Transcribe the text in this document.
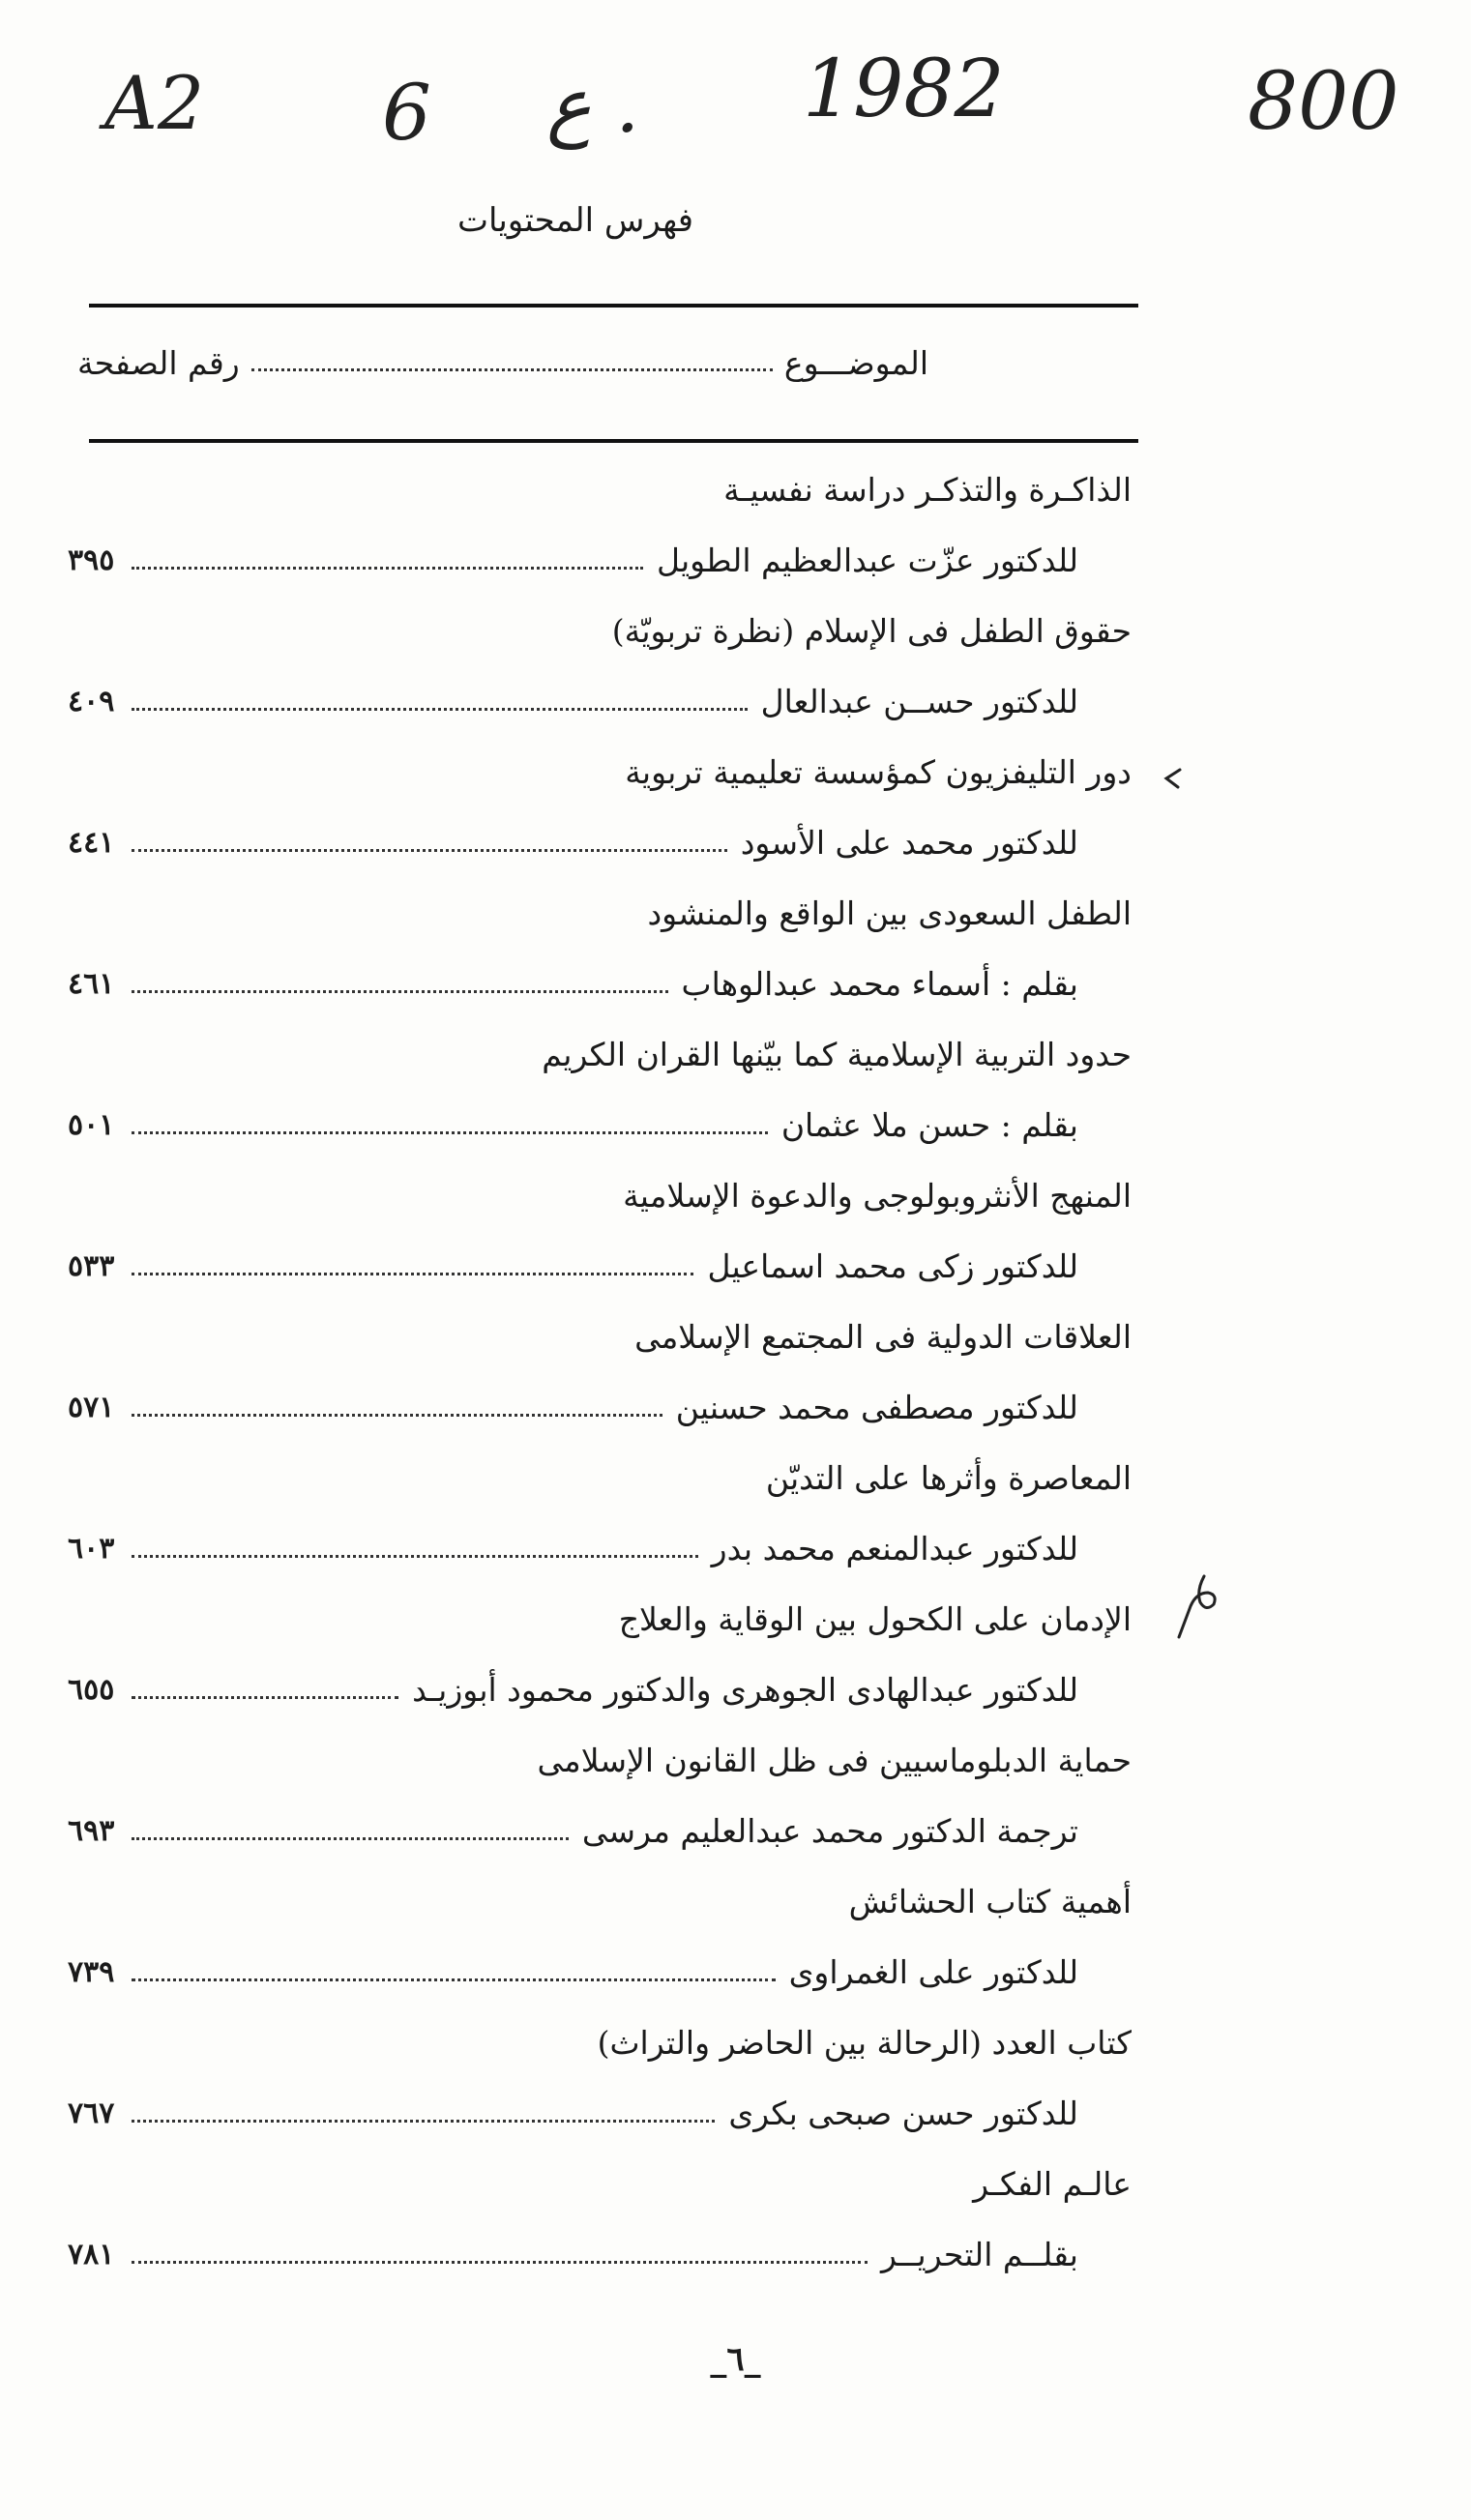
A2 6 . ع 1982	800
فهرس المحتويات
الموضـــوع
رقم الصفحة
الذاكـرة والتذكـر دراسة نفسيـة
للدكتور عزّت عبدالعظيم الطويل
٣٩٥
حقوق الطفل فى الإسلام (نظرة تربويّة)
للدكتور حســن عبدالعال
٤٠٩
دور التليفزيون كمؤسسة تعليمية تربوية
للدكتور محمد على الأسود
٤٤١
الطفل السعودى بين الواقع والمنشود
بقلم : أسماء محمد عبدالوهاب
٤٦١
حدود التربية الإسلامية كما بيّنها القران الكريم
بقلم : حسن ملا عثمان
٥٠١
المنهج الأنثروبولوجى والدعوة الإسلامية
للدكتور زكى محمد اسماعيل
٥٣٣
العلاقات الدولية فى المجتمع الإسلامى
للدكتور مصطفى محمد حسنين
٥٧١
المعاصرة وأثرها على التديّن
للدكتور عبدالمنعم محمد بدر
٦٠٣
الإدمان على الكحول بين الوقاية والعلاج
للدكتور عبدالهادى الجوهرى والدكتور محمود أبوزيـد
٦٥٥
حماية الدبلوماسيين فى ظل القانون الإسلامى
ترجمة الدكتور محمد عبدالعليم مرسى
٦٩٣
أهمية كتاب الحشائش
للدكتور على الغمراوى
٧٣٩
كتاب العدد (الرحالة بين الحاضر والتراث)
للدكتور حسن صبحى بكرى
٧٦٧
عالـم الفكـر
بقلــم التحريــر
٧٨١
_٦_
